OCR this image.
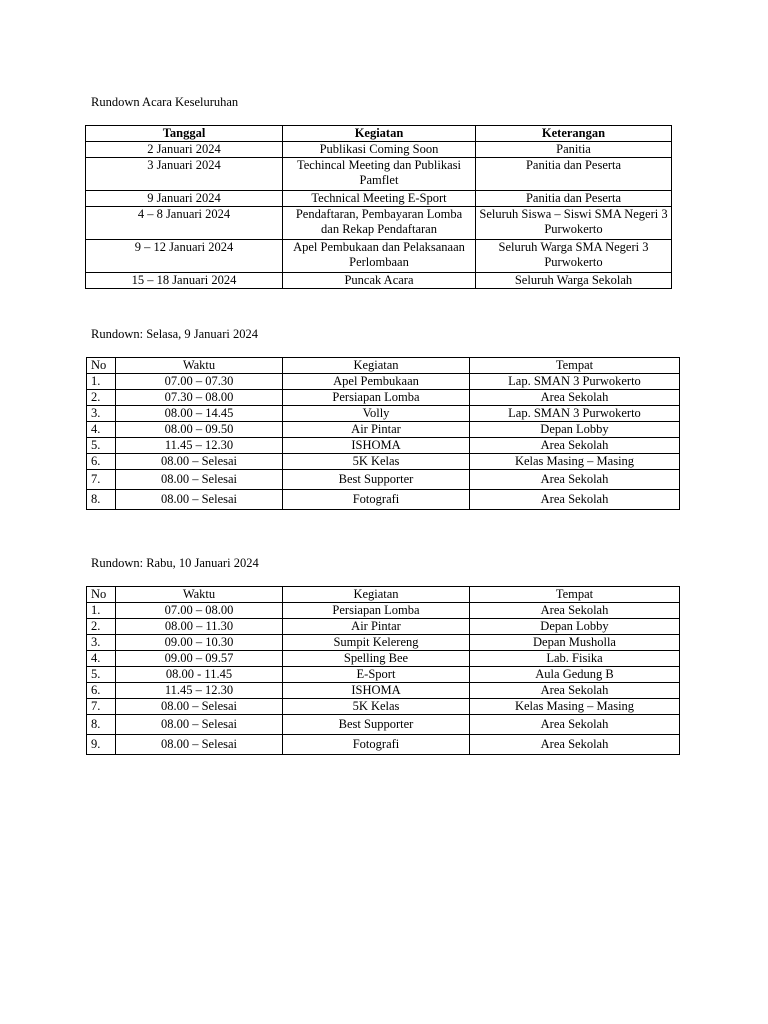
Rundown Acara Keseluruhan
Tanggal	Kegiatan	Keterangan
2 Januari 2024	Publikasi Coming Soon	Panitia
3 Januari 2024	Techincal Meeting dan Publikasi Pamflet	Panitia dan Peserta
9 Januari 2024	Technical Meeting E-Sport	Panitia dan Peserta
4 – 8 Januari 2024	Pendaftaran, Pembayaran Lomba dan Rekap Pendaftaran	Seluruh Siswa – Siswi SMA Negeri 3 Purwokerto
9 – 12 Januari 2024	Apel Pembukaan dan Pelaksanaan Perlombaan	Seluruh Warga SMA Negeri 3 Purwokerto
15 – 18 Januari 2024	Puncak Acara	Seluruh Warga Sekolah
Rundown: Selasa, 9 Januari 2024
No	Waktu	Kegiatan	Tempat
1.	07.00 – 07.30	Apel Pembukaan	Lap. SMAN 3 Purwokerto
2.	07.30 – 08.00	Persiapan Lomba	Area Sekolah
3.	08.00 – 14.45	Volly	Lap. SMAN 3 Purwokerto
4.	08.00 – 09.50	Air Pintar	Depan Lobby
5.	11.45 – 12.30	ISHOMA	Area Sekolah
6.	08.00 – Selesai	5K Kelas	Kelas Masing – Masing
7.	08.00 – Selesai	Best Supporter	Area Sekolah
8.	08.00 – Selesai	Fotografi	Area Sekolah
Rundown: Rabu, 10 Januari 2024
No	Waktu	Kegiatan	Tempat
1.	07.00 – 08.00	Persiapan Lomba	Area Sekolah
2.	08.00 – 11.30	Air Pintar	Depan Lobby
3.	09.00 – 10.30	Sumpit Kelereng	Depan Musholla
4.	09.00 – 09.57	Spelling Bee	Lab. Fisika
5.	08.00 - 11.45	E-Sport	Aula Gedung B
6.	11.45 – 12.30	ISHOMA	Area Sekolah
7.	08.00 – Selesai	5K Kelas	Kelas Masing – Masing
8.	08.00 – Selesai	Best Supporter	Area Sekolah
9.	08.00 – Selesai	Fotografi	Area Sekolah
